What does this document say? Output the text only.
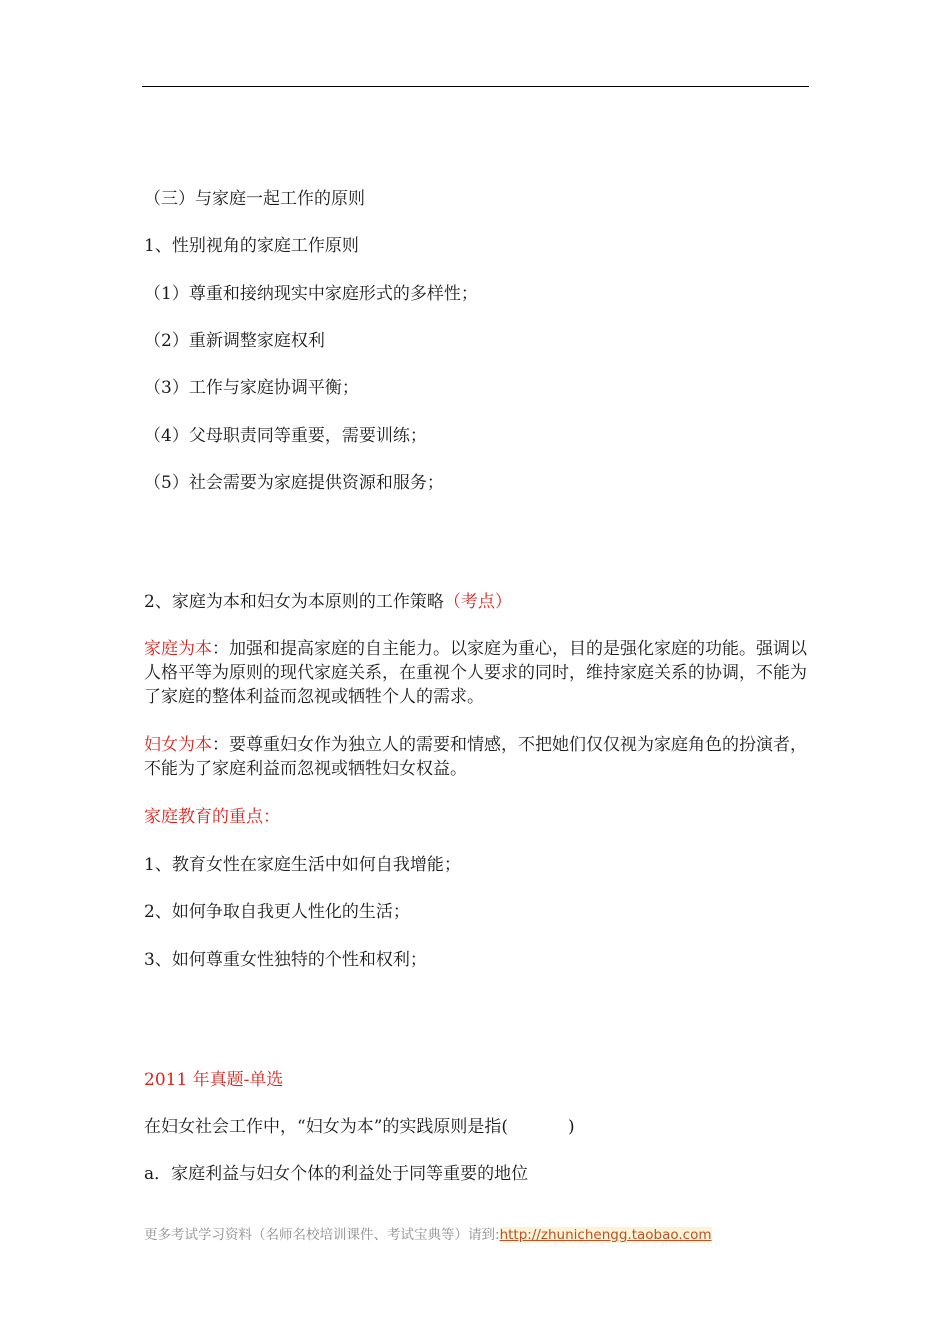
（三）与家庭一起工作的原则
1、性别视角的家庭工作原则
（1）尊重和接纳现实中家庭形式的多样性；
（2）重新调整家庭权利
（3）工作与家庭协调平衡；
（4）父母职责同等重要，需要训练；
（5）社会需要为家庭提供资源和服务；
2、家庭为本和妇女为本原则的工作策略（考点）
家庭为本：加强和提高家庭的自主能力。以家庭为重心，目的是强化家庭的功能。强调以人格平等为原则的现代家庭关系，在重视个人要求的同时，维持家庭关系的协调，不能为了家庭的整体利益而忽视或牺牲个人的需求。
妇女为本：要尊重妇女作为独立人的需要和情感，不把她们仅仅视为家庭角色的扮演者，不能为了家庭利益而忽视或牺牲妇女权益。
家庭教育的重点：
1、教育女性在家庭生活中如何自我增能；
2、如何争取自我更人性化的生活；
3、如何尊重女性独特的个性和权利；
2011 年真题-单选
在妇女社会工作中，“妇女为本”的实践原则是指(	)
a．家庭利益与妇女个体的利益处于同等重要的地位
更多考试学习资料（名师名校培训课件、考试宝典等）请到:http://zhunichengg.taobao.com
